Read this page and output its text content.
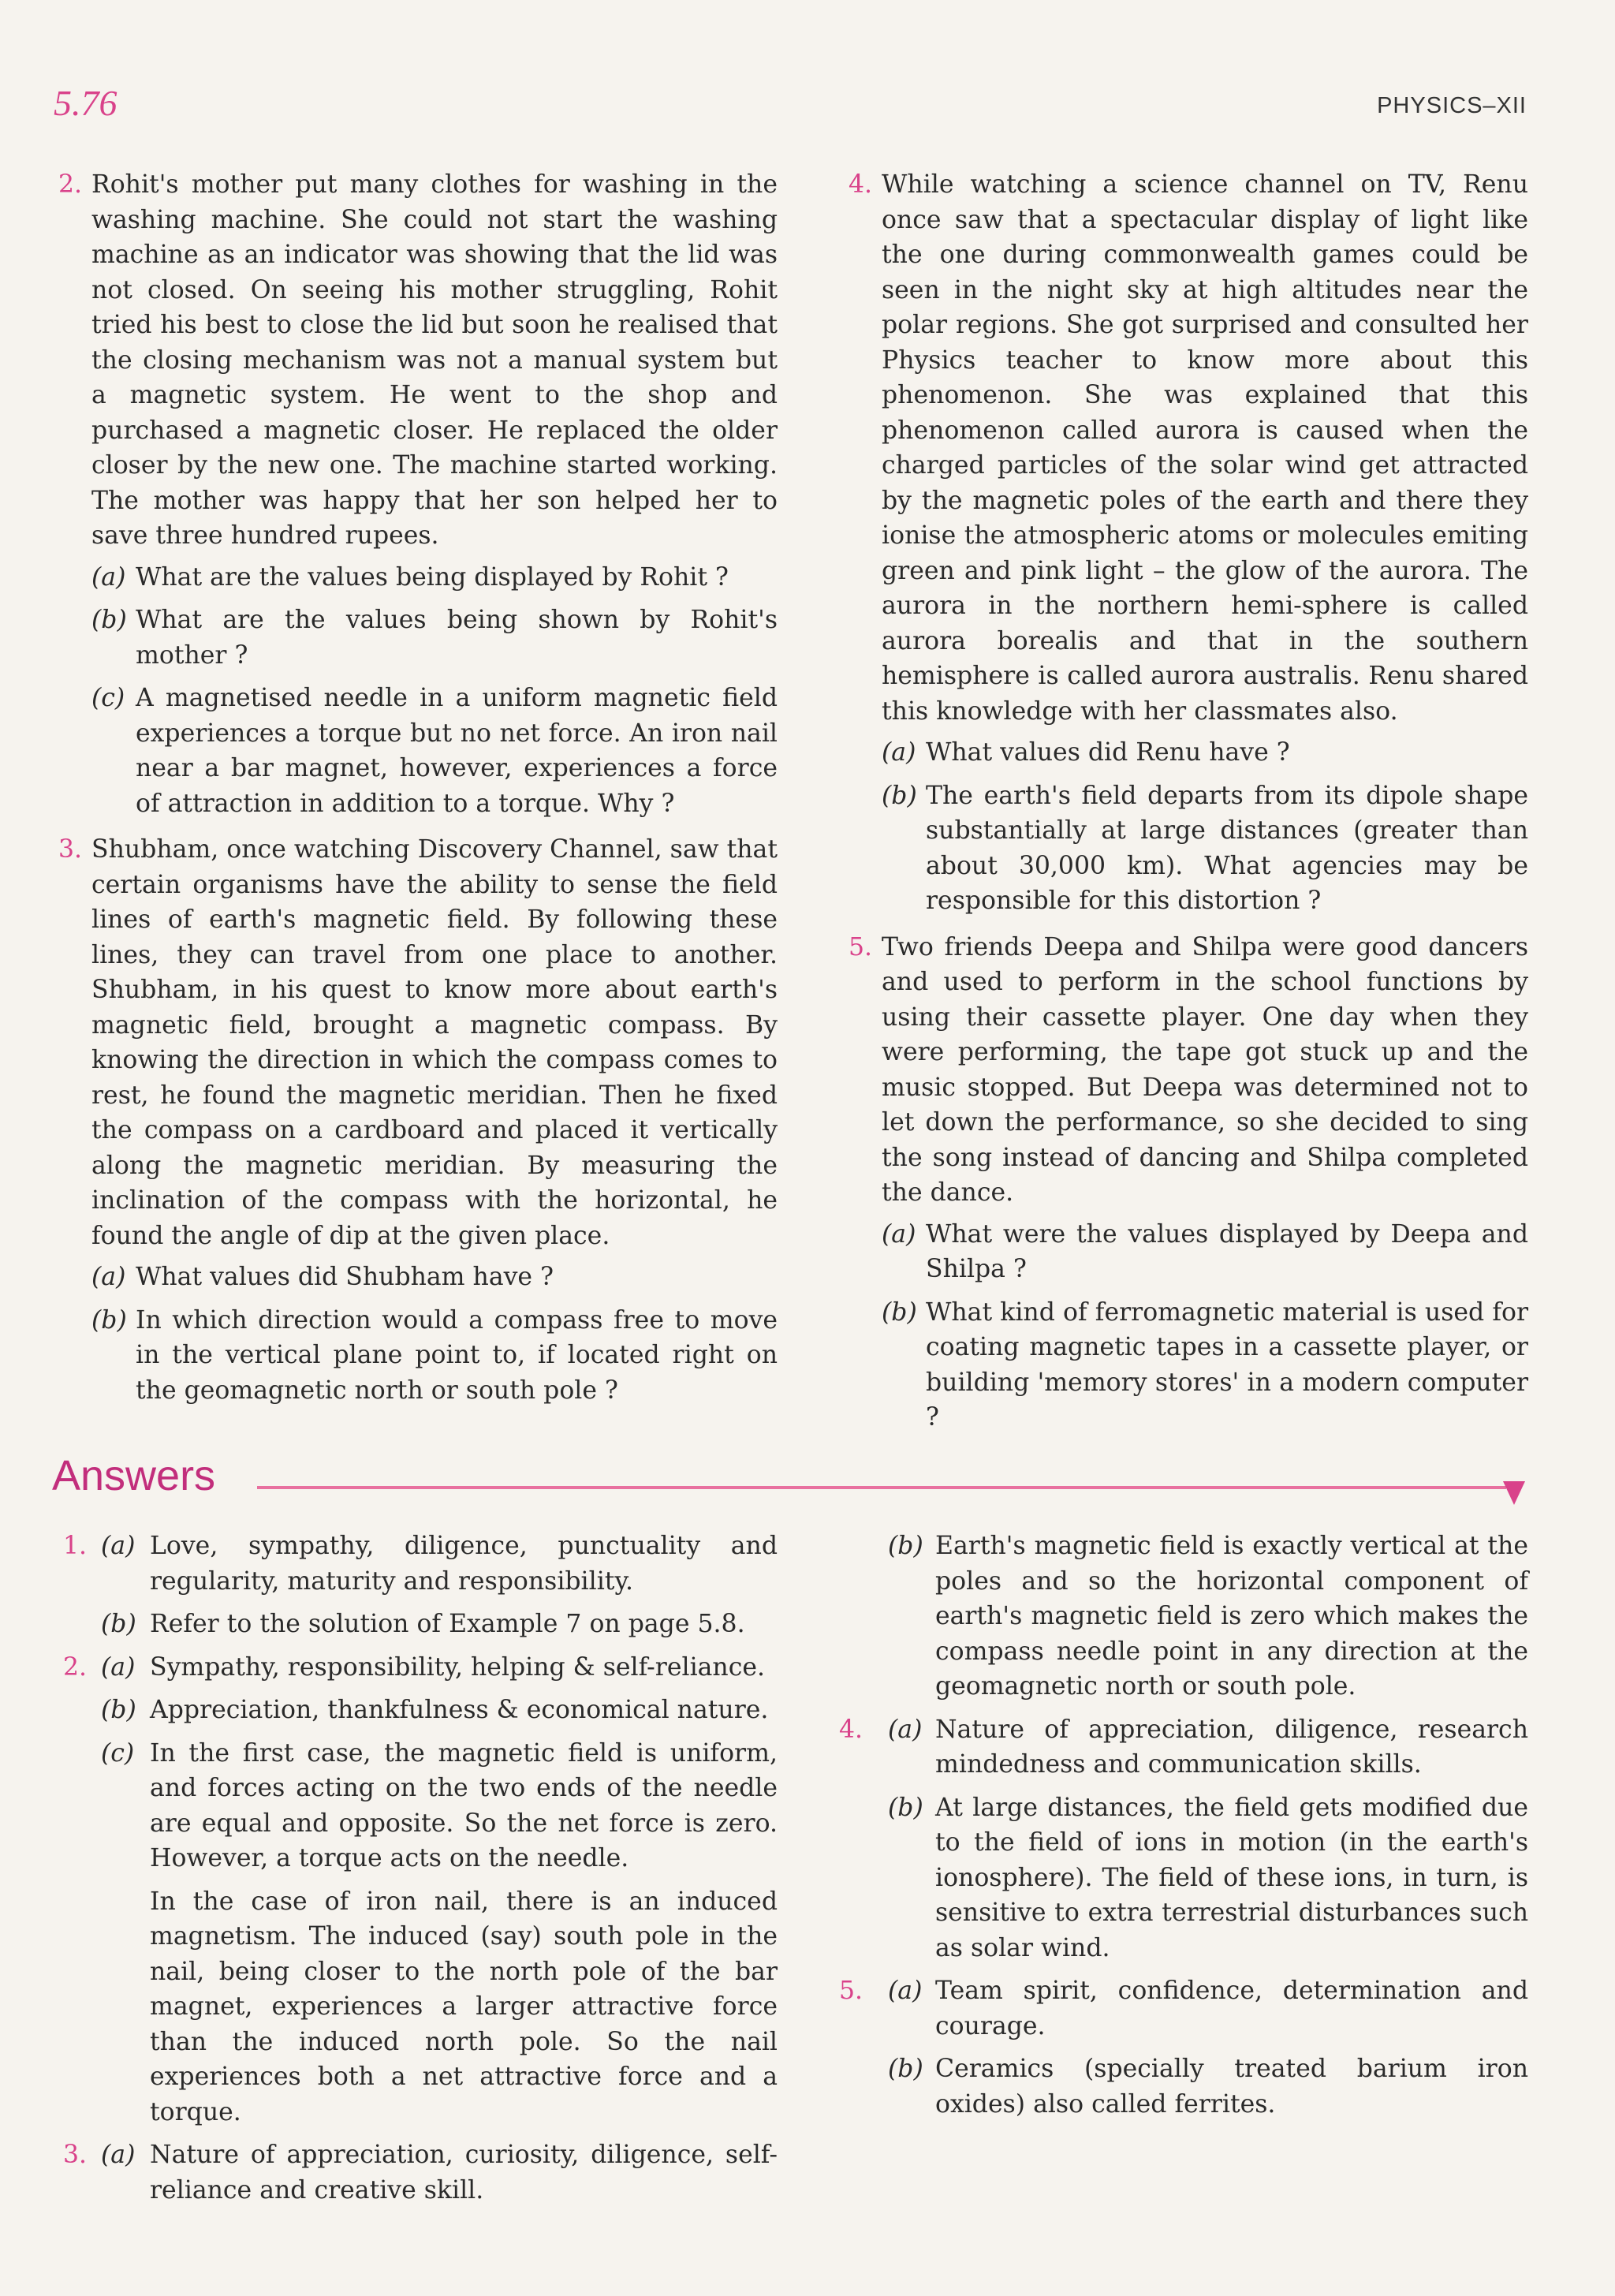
5.76	PHYSICS–XII
2. Rohit's mother put many clothes for washing in the washing machine. She could not start the washing machine as an indicator was showing that the lid was not closed. On seeing his mother struggling, Rohit tried his best to close the lid but soon he realised that the closing mechanism was not a manual system but a magnetic system. He went to the shop and purchased a magnetic closer. He replaced the older closer by the new one. The machine started working. The mother was happy that her son helped her to save three hundred rupees.

(a) What are the values being displayed by Rohit ?
(b) What are the values being shown by Rohit's mother ?
(c) A magnetised needle in a uniform magnetic field experiences a torque but no net force. An iron nail near a bar magnet, however, experiences a force of attraction in addition to a torque. Why ?
3. Shubham, once watching Discovery Channel, saw that certain organisms have the ability to sense the field lines of earth's magnetic field. By following these lines, they can travel from one place to another. Shubham, in his quest to know more about earth's magnetic field, brought a magnetic compass. By knowing the direction in which the compass comes to rest, he found the magnetic meridian. Then he fixed the compass on a cardboard and placed it vertically along the magnetic meridian. By measuring the inclination of the compass with the horizontal, he found the angle of dip at the given place.

(a) What values did Shubham have ?
(b) In which direction would a compass free to move in the vertical plane point to, if located right on the geomagnetic north or south pole ?
4. While watching a science channel on TV, Renu once saw that a spectacular display of light like the one during commonwealth games could be seen in the night sky at high altitudes near the polar regions. She got surprised and consulted her Physics teacher to know more about this phenomenon. She was explained that this phenomenon called aurora is caused when the charged particles of the solar wind get attracted by the magnetic poles of the earth and there they ionise the atmospheric atoms or molecules emiting green and pink light – the glow of the aurora. The aurora in the northern hemi-sphere is called aurora borealis and that in the southern hemisphere is called aurora australis. Renu shared this knowledge with her classmates also.

(a) What values did Renu have ?
(b) The earth's field departs from its dipole shape substantially at large distances (greater than about 30,000 km). What agencies may be responsible for this distortion ?
5. Two friends Deepa and Shilpa were good dancers and used to perform in the school functions by using their cassette player. One day when they were performing, the tape got stuck up and the music stopped. But Deepa was determined not to let down the performance, so she decided to sing the song instead of dancing and Shilpa completed the dance.

(a) What were the values displayed by Deepa and Shilpa ?
(b) What kind of ferromagnetic material is used for coating magnetic tapes in a cassette player, or building 'memory stores' in a modern computer ?
Answers
1. (a) Love, sympathy, diligence, punctuality and regularity, maturity and responsibility.
(b) Refer to the solution of Example 7 on page 5.8.
2. (a) Sympathy, responsibility, helping & self-reliance.
(b) Appreciation, thankfulness & economical nature.
(c) In the first case, the magnetic field is uniform, and forces acting on the two ends of the needle are equal and opposite. So the net force is zero. However, a torque acts on the needle.
In the case of iron nail, there is an induced magnetism. The induced (say) south pole in the nail, being closer to the north pole of the bar magnet, experiences a larger attractive force than the induced north pole. So the nail experiences both a net attractive force and a torque.
3. (a) Nature of appreciation, curiosity, diligence, self-reliance and creative skill.
(b) Earth's magnetic field is exactly vertical at the poles and so the horizontal component of earth's magnetic field is zero which makes the compass needle point in any direction at the geomagnetic north or south pole.
4. (a) Nature of appreciation, diligence, research mindedness and communication skills.
(b) At large distances, the field gets modified due to the field of ions in motion (in the earth's ionosphere). The field of these ions, in turn, is sensitive to extra terrestrial disturbances such as solar wind.
5. (a) Team spirit, confidence, determination and courage.
(b) Ceramics (specially treated barium iron oxides) also called ferrites.
